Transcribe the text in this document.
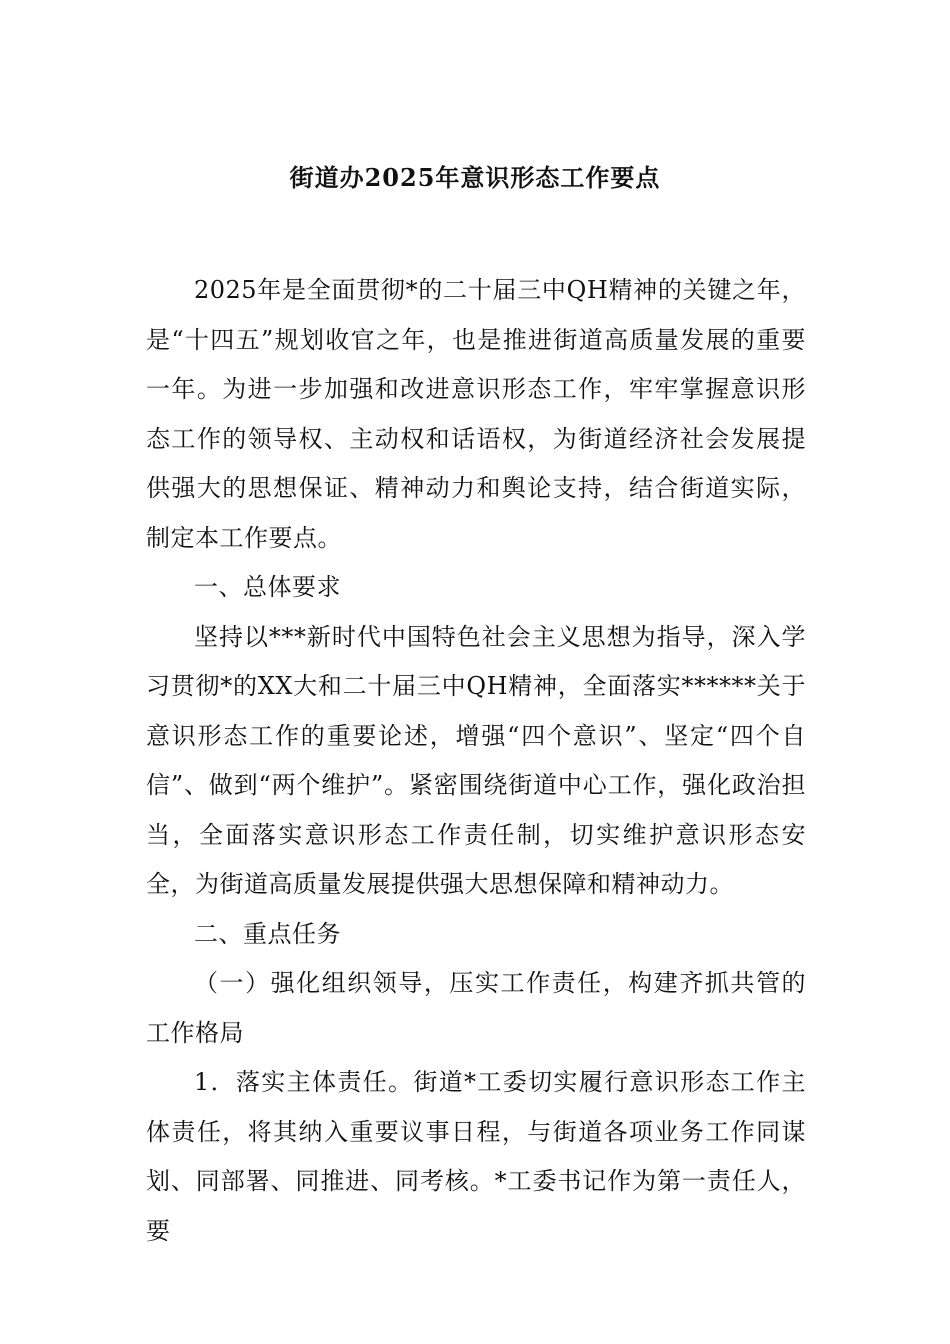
街道办2025年意识形态工作要点

2025年是全面贯彻*的二十届三中QH精神的关键之年，是“十四五”规划收官之年，也是推进街道高质量发展的重要一年。为进一步加强和改进意识形态工作，牢牢掌握意识形态工作的领导权、主动权和话语权，为街道经济社会发展提供强大的思想保证、精神动力和舆论支持，结合街道实际，制定本工作要点。

一、总体要求

坚持以***新时代中国特色社会主义思想为指导，深入学习贯彻*的XX大和二十届三中QH精神，全面落实******关于意识形态工作的重要论述，增强“四个意识”、坚定“四个自信”、做到“两个维护”。紧密围绕街道中心工作，强化政治担当，全面落实意识形态工作责任制，切实维护意识形态安全，为街道高质量发展提供强大思想保障和精神动力。

二、重点任务

（一）强化组织领导，压实工作责任，构建齐抓共管的工作格局

1．落实主体责任。街道*工委切实履行意识形态工作主体责任，将其纳入重要议事日程，与街道各项业务工作同谋划、同部署、同推进、同考核。*工委书记作为第一责任人，要
